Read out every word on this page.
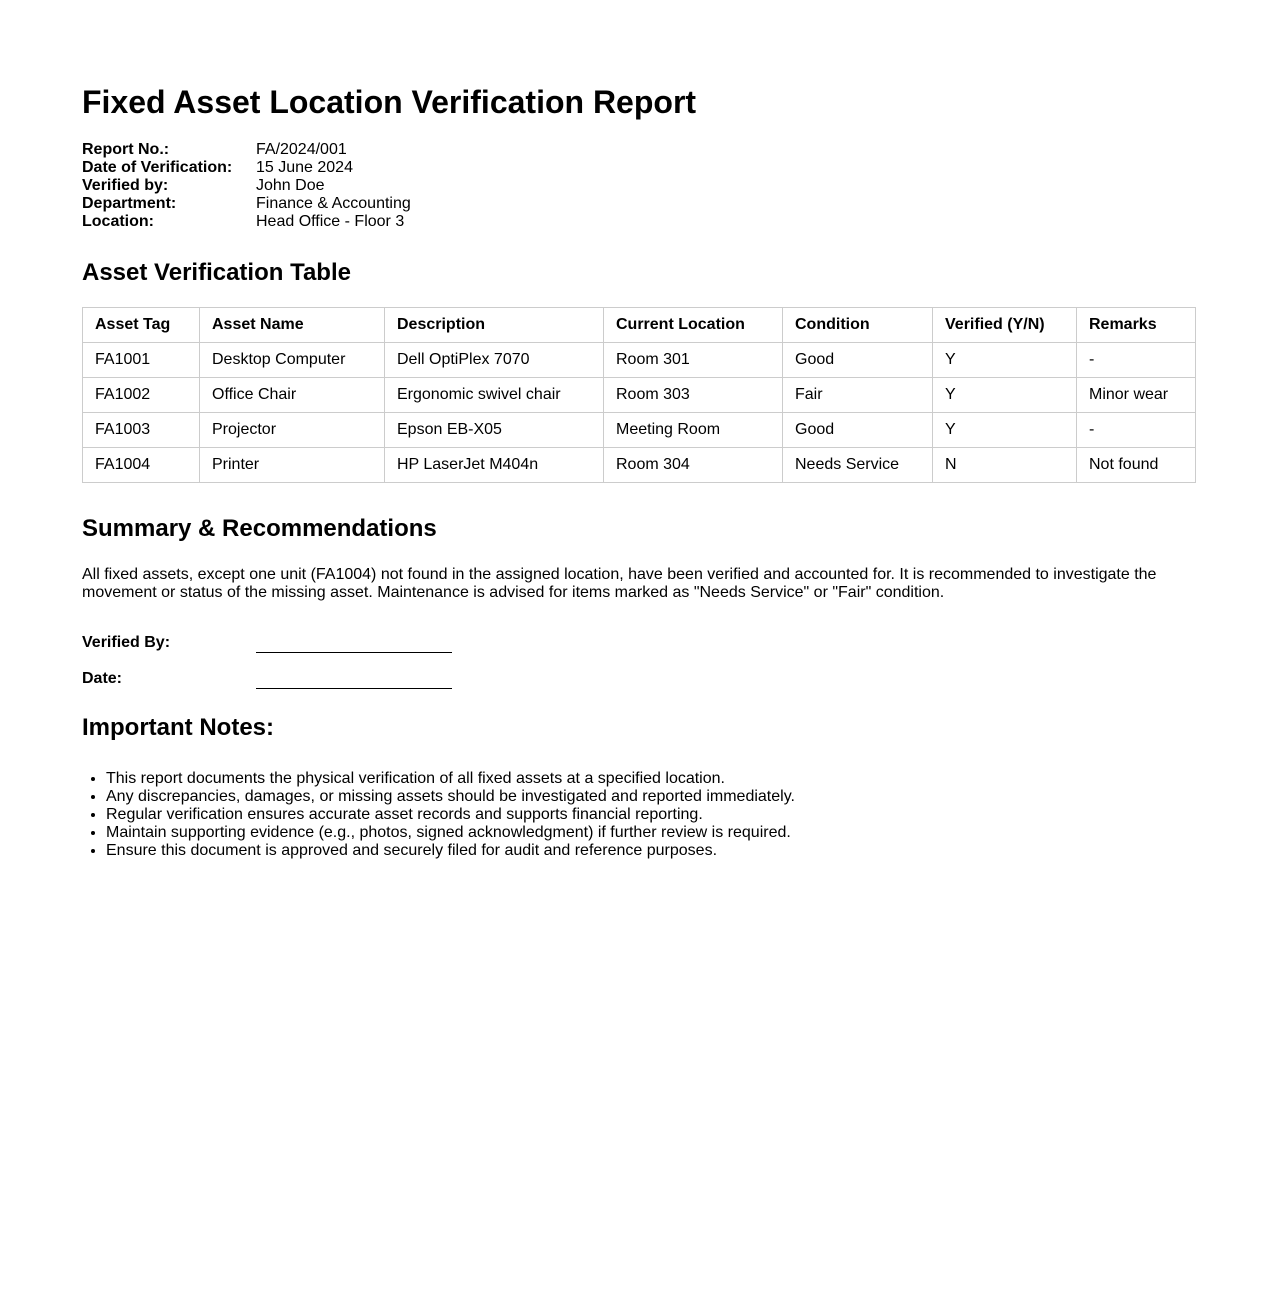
Fixed Asset Location Verification Report
Report No.:	FA/2024/001
Date of Verification:	15 June 2024
Verified by:	John Doe
Department:	Finance & Accounting
Location:	Head Office - Floor 3
Asset Verification Table
Asset Tag	Asset Name	Description	Current Location	Condition	Verified (Y/N)	Remarks
FA1001	Desktop Computer	Dell OptiPlex 7070	Room 301	Good	Y	-
FA1002	Office Chair	Ergonomic swivel chair	Room 303	Fair	Y	Minor wear
FA1003	Projector	Epson EB-X05	Meeting Room	Good	Y	-
FA1004	Printer	HP LaserJet M404n	Room 304	Needs Service	N	Not found
Summary & Recommendations
All fixed assets, except one unit (FA1004) not found in the assigned location, have been verified and accounted for. It is recommended to investigate the movement or status of the missing asset. Maintenance is advised for items marked as "Needs Service" or "Fair" condition.
Verified By:
Date:
Important Notes:
• This report documents the physical verification of all fixed assets at a specified location.
• Any discrepancies, damages, or missing assets should be investigated and reported immediately.
• Regular verification ensures accurate asset records and supports financial reporting.
• Maintain supporting evidence (e.g., photos, signed acknowledgment) if further review is required.
• Ensure this document is approved and securely filed for audit and reference purposes.
